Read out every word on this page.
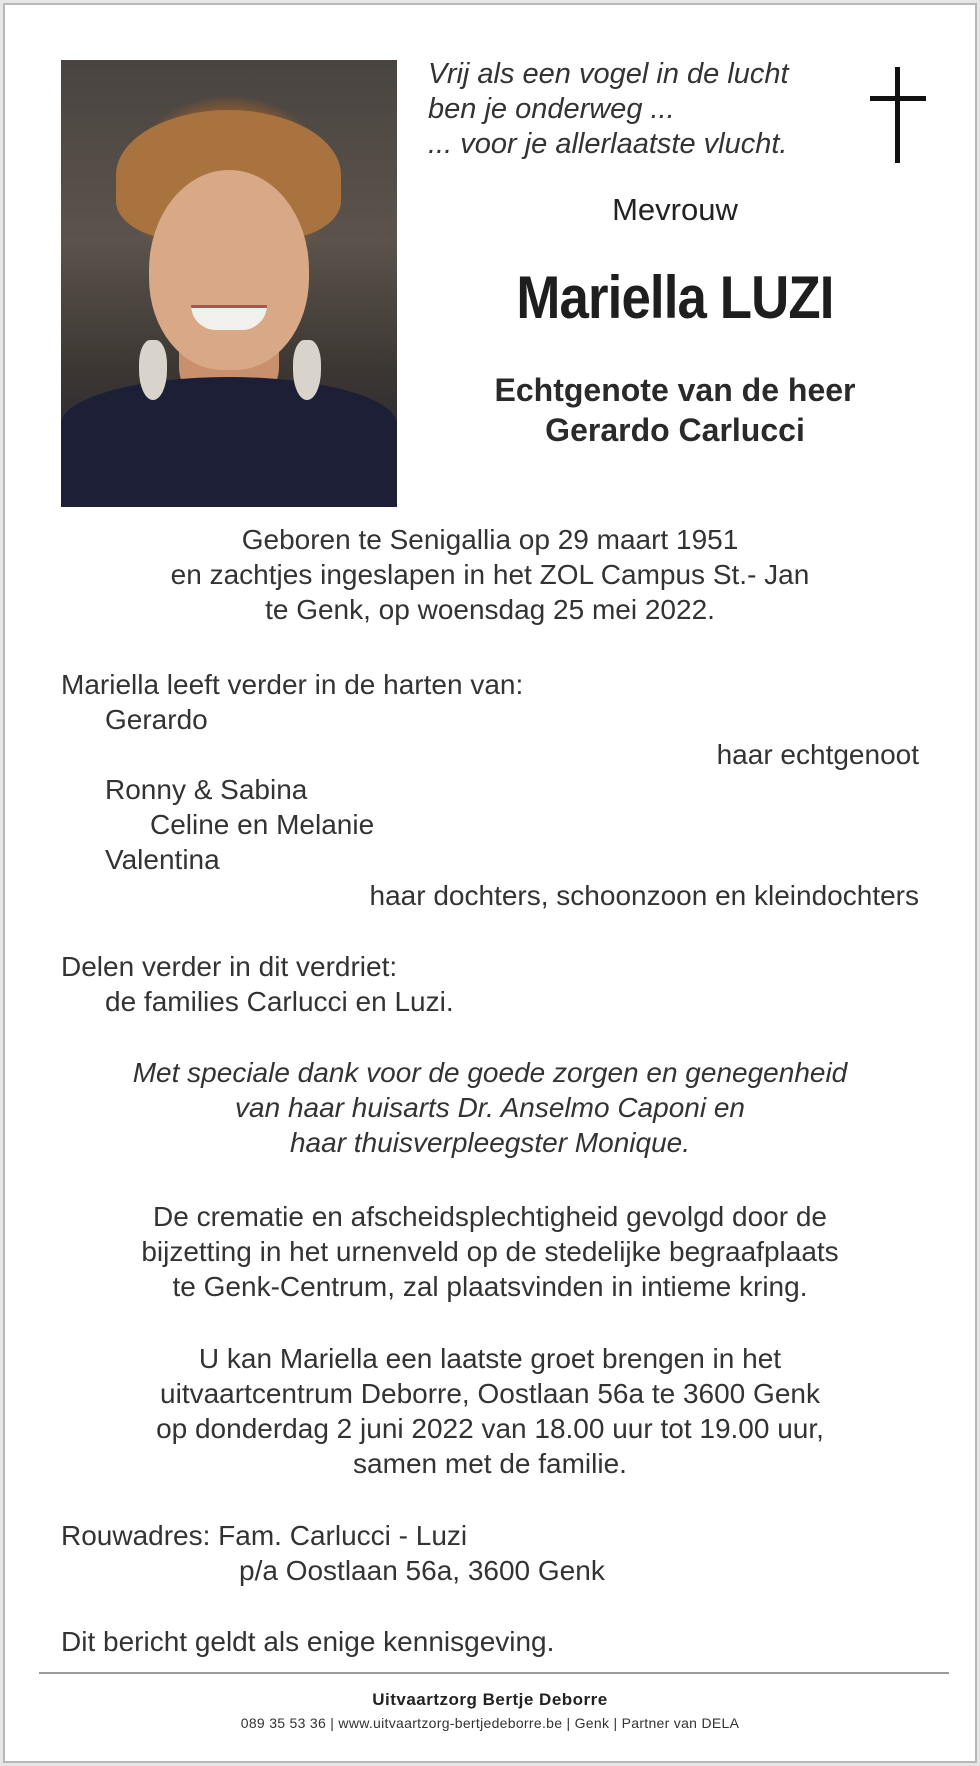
Vrij als een vogel in de lucht
ben je onderweg ...
... voor je allerlaatste vlucht.
Mevrouw
Mariella LUZI
Echtgenote van de heer
Gerardo Carlucci
Geboren te Senigallia op 29 maart 1951
en zachtjes ingeslapen in het ZOL Campus St.- Jan
te Genk, op woensdag 25 mei 2022.
Mariella leeft verder in de harten van:
Gerardo
haar echtgenoot
Ronny & Sabina
Celine en Melanie
Valentina
haar dochters, schoonzoon en kleindochters
Delen verder in dit verdriet:
de families Carlucci en Luzi.
Met speciale dank voor de goede zorgen en genegenheid
van haar huisarts Dr. Anselmo Caponi en
haar thuisverpleegster Monique.
De crematie en afscheidsplechtigheid gevolgd door de
bijzetting in het urnenveld op de stedelijke begraafplaats
te Genk-Centrum, zal plaatsvinden in intieme kring.
U kan Mariella een laatste groet brengen in het
uitvaartcentrum Deborre, Oostlaan 56a te 3600 Genk
op donderdag 2 juni 2022 van 18.00 uur tot 19.00 uur,
samen met de familie.
Rouwadres: Fam. Carlucci - Luzi
p/a Oostlaan 56a, 3600 Genk
Dit bericht geldt als enige kennisgeving.
Uitvaartzorg Bertje Deborre
089 35 53 36 | www.uitvaartzorg-bertjedeborre.be | Genk | Partner van DELA
